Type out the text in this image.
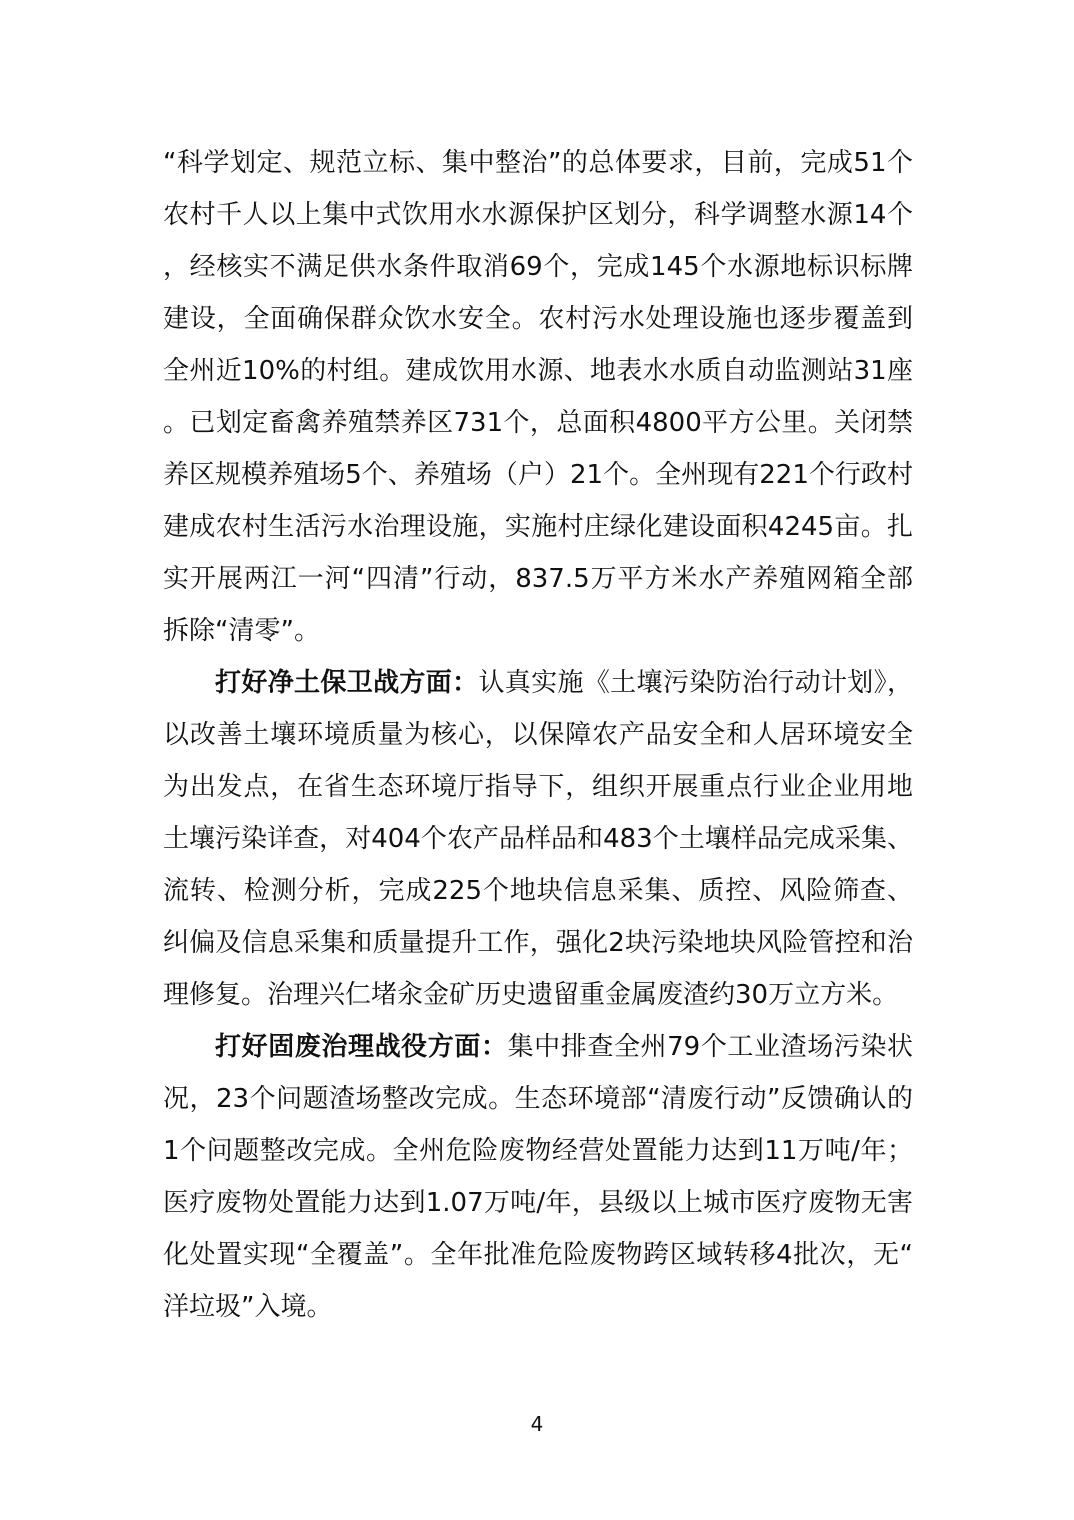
“科学划定、规范立标、集中整治”的总体要求，目前，完成51个农村千人以上集中式饮用水水源保护区划分，科学调整水源14个，经核实不满足供水条件取消69个，完成145个水源地标识标牌建设，全面确保群众饮水安全。农村污水处理设施也逐步覆盖到全州近10%的村组。建成饮用水源、地表水水质自动监测站31座。已划定畜禽养殖禁养区731个，总面积4800平方公里。关闭禁养区规模养殖场5个、养殖场（户）21个。全州现有221个行政村建成农村生活污水治理设施，实施村庄绿化建设面积4245亩。扎实开展两江一河“四清”行动，837.5万平方米水产养殖网箱全部拆除“清零”。

打好净土保卫战方面：认真实施《土壤污染防治行动计划》，以改善土壤环境质量为核心，以保障农产品安全和人居环境安全为出发点，在省生态环境厅指导下，组织开展重点行业企业用地土壤污染详查，对404个农产品样品和483个土壤样品完成采集、流转、检测分析，完成225个地块信息采集、质控、风险筛查、纠偏及信息采集和质量提升工作，强化2块污染地块风险管控和治理修复。治理兴仁堵汆金矿历史遗留重金属废渣约30万立方米。

打好固废治理战役方面：集中排查全州79个工业渣场污染状况，23个问题渣场整改完成。生态环境部“清废行动”反馈确认的1个问题整改完成。全州危险废物经营处置能力达到11万吨/年；医疗废物处置能力达到1.07万吨/年，县级以上城市医疗废物无害化处置实现“全覆盖”。全年批准危险废物跨区域转移4批次，无“洋垃圾”入境。

4
